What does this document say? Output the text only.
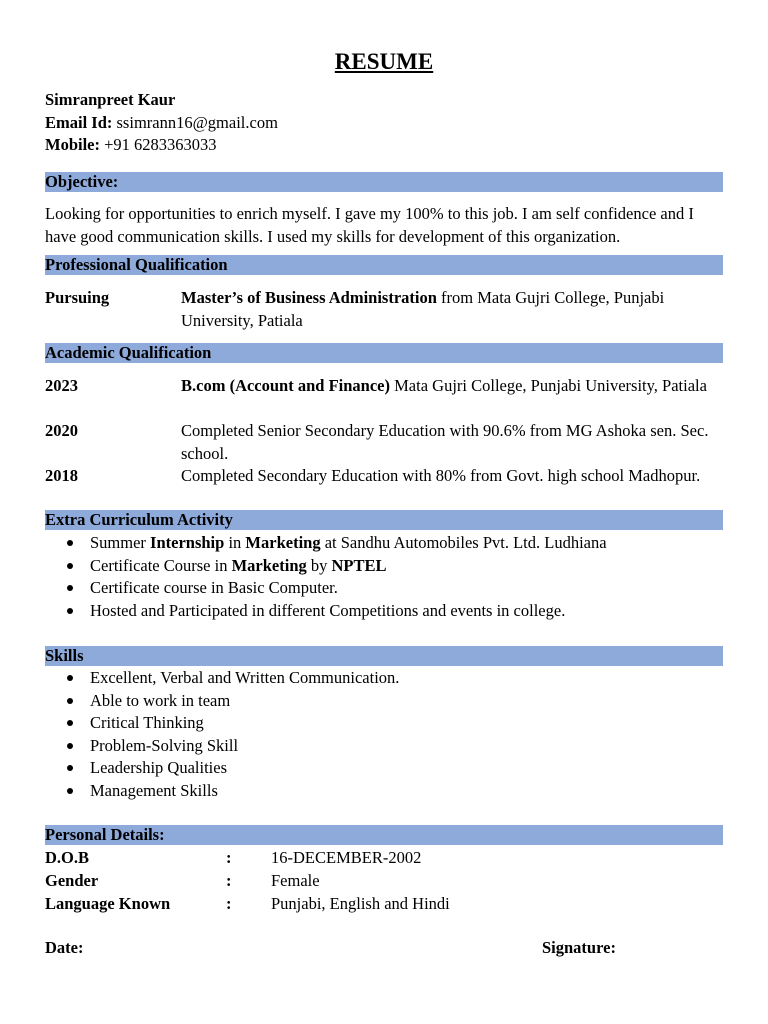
RESUME
Simranpreet Kaur
Email Id: ssimrann16@gmail.com
Mobile: +91 6283363033
Objective:
Looking for opportunities to enrich myself. I gave my 100% to this job. I am self confidence and I have good communication skills. I used my skills for development of this organization.
Professional Qualification
Pursuing	Master’s of Business Administration from Mata Gujri College, Punjabi University, Patiala
Academic Qualification
2023	B.com (Account and Finance) Mata Gujri College, Punjabi University, Patiala
2020	Completed Senior Secondary Education with 90.6% from MG Ashoka sen. Sec. school.
2018	Completed Secondary Education with 80% from Govt. high school Madhopur.
Extra Curriculum Activity
Summer Internship in Marketing at Sandhu Automobiles Pvt. Ltd. Ludhiana
Certificate Course in Marketing by NPTEL
Certificate course in Basic Computer.
Hosted and Participated in different Competitions and events in college.
Skills
Excellent, Verbal and Written Communication.
Able to work in team
Critical Thinking
Problem-Solving Skill
Leadership Qualities
Management Skills
Personal Details:
D.O.B	: 16-DECEMBER-2002
Gender	: Female
Language Known	: Punjabi, English and Hindi
Date:	Signature:
